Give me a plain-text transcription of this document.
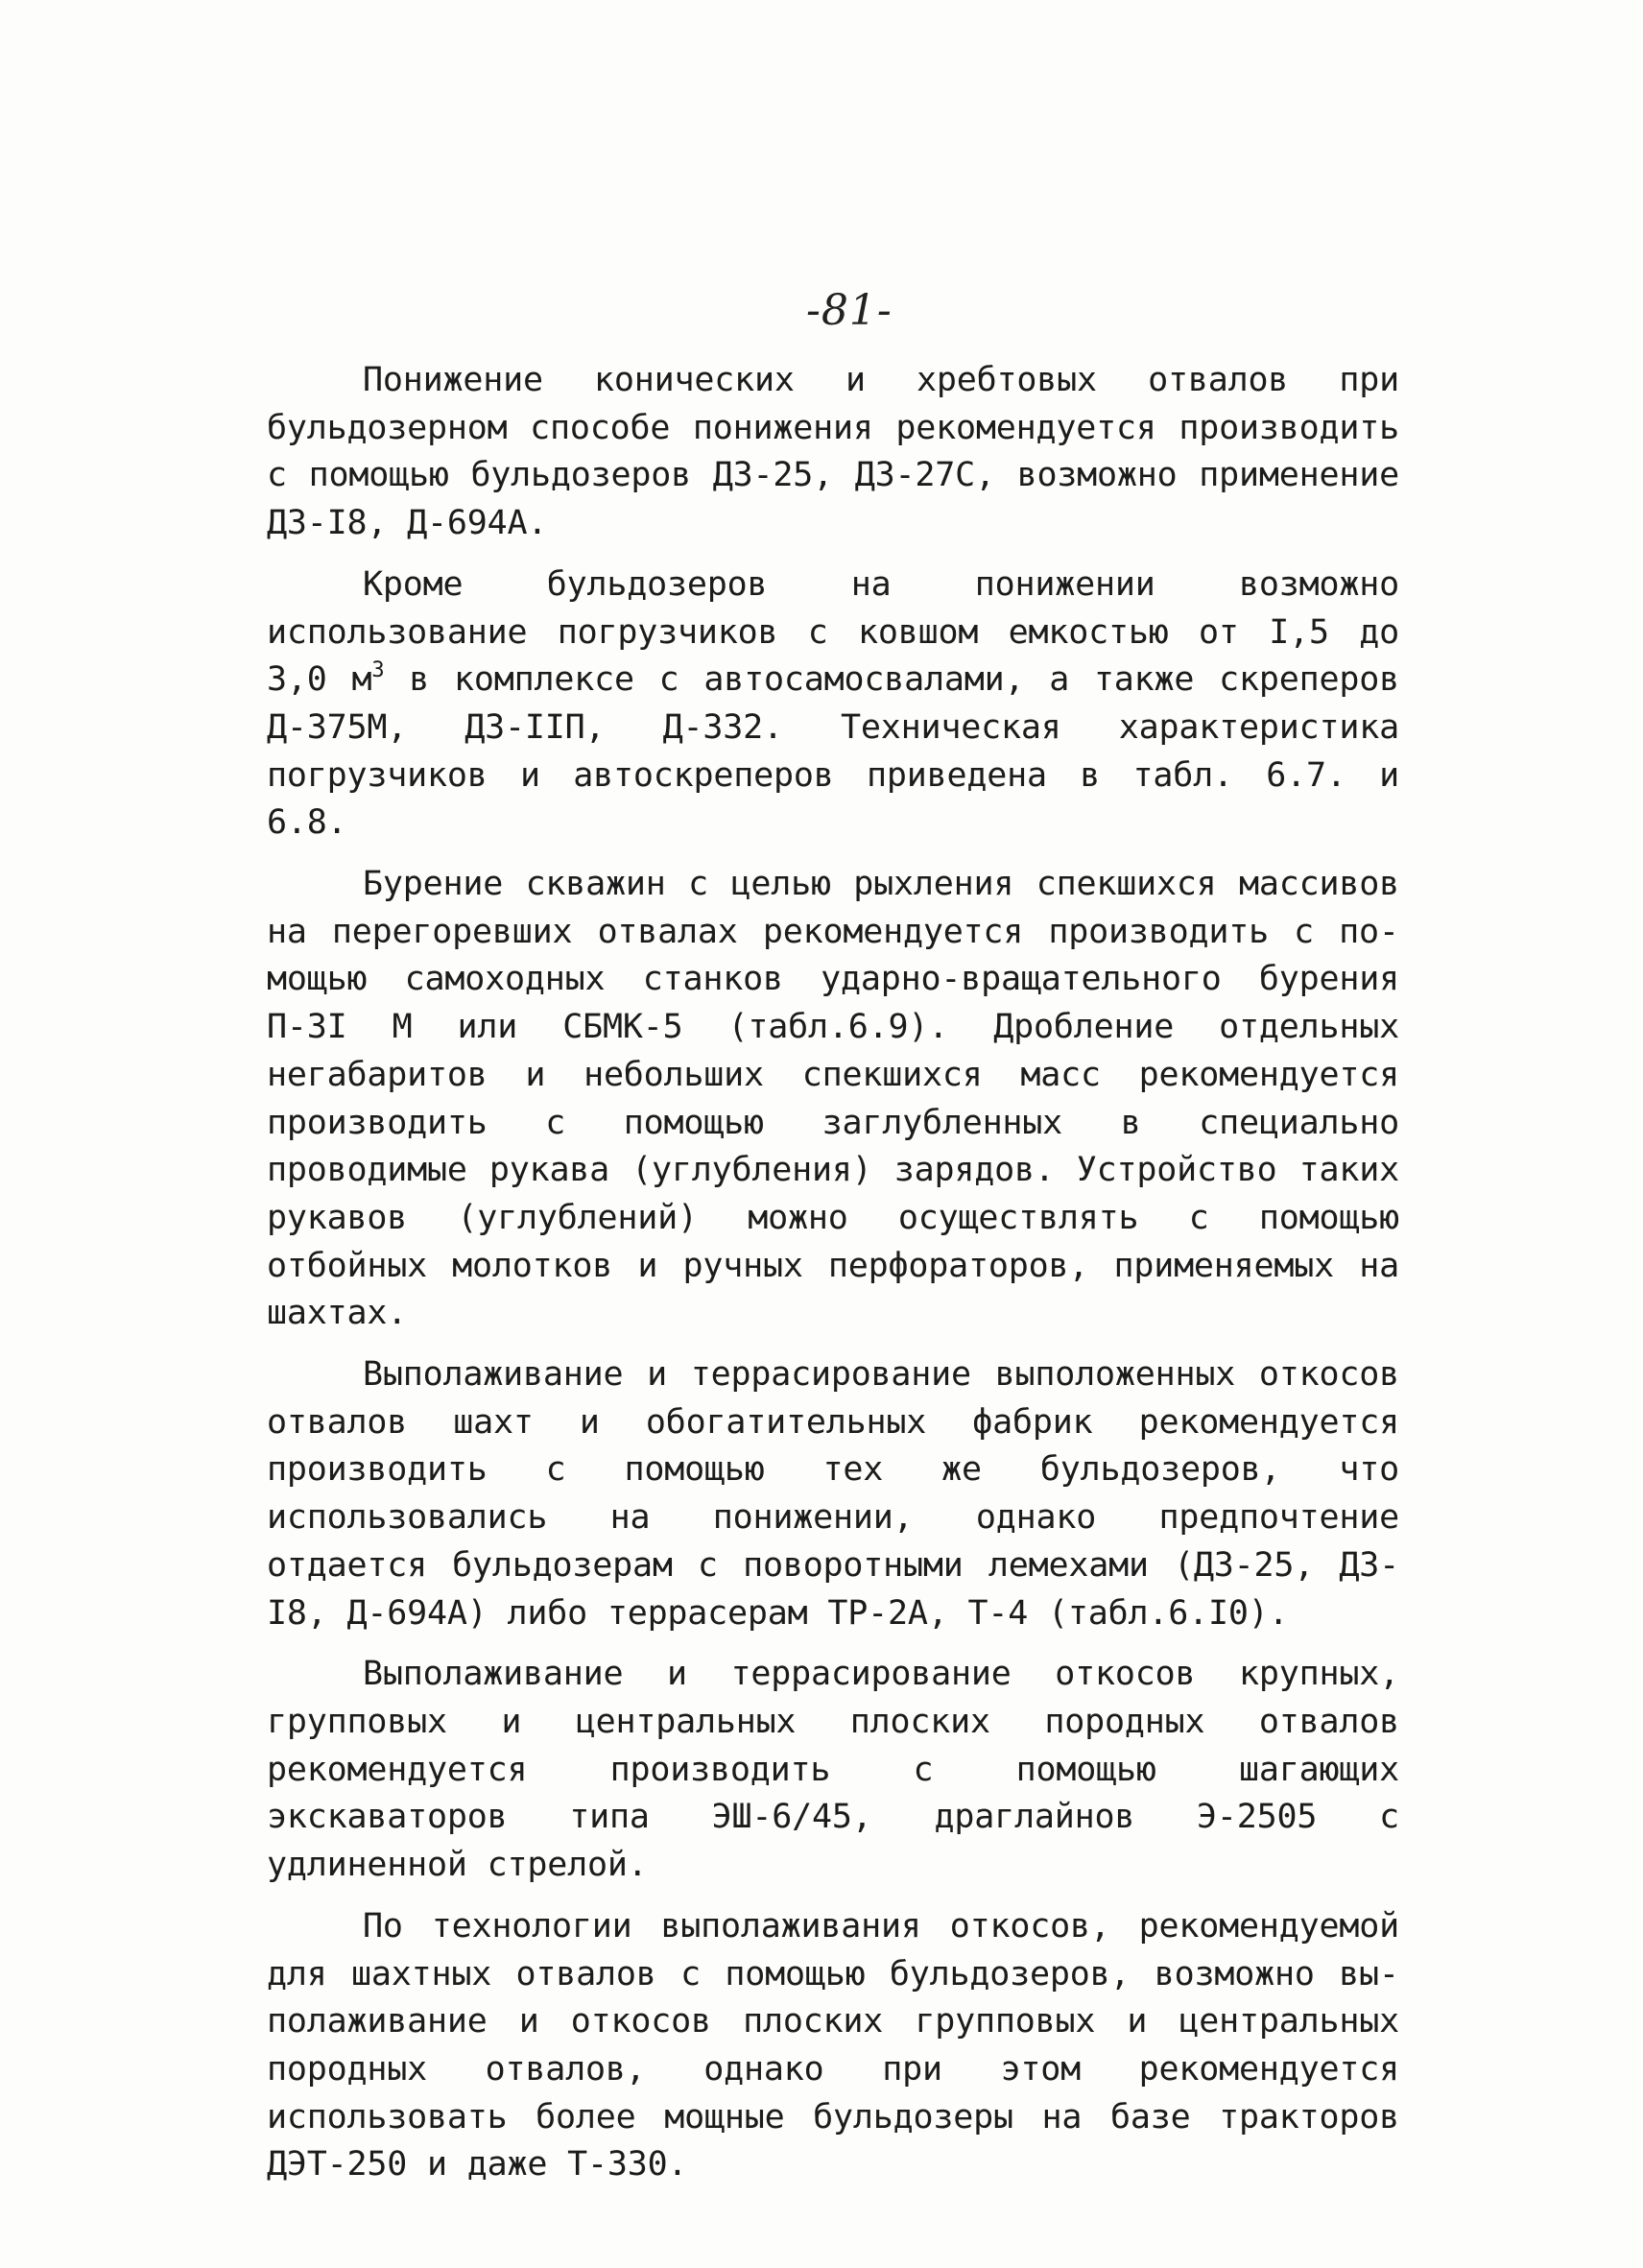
-81-

Понижение конических и хребтовых отвалов при бульдозерном способе понижения рекомендуется производить с помощью бульдозеров ДЗ-25, ДЗ-27С, возможно применение ДЗ-I8, Д-694А.

Кроме бульдозеров на понижении возможно использование погрузчиков с ковшом емкостью от I,5 до 3,0 $м^3$ в комплексе с автосамосвалами, а также скреперов Д-375М, ДЗ-IIП, Д-332. Техническая характеристика погрузчиков и автоскреперов приведена в табл. 6.7. и 6.8.

Бурение скважин с целью рыхления спекшихся массивов на перегоревших отвалах рекомендуется производить с помощью самоходных станков ударно-вращательного бурения П-3I М или СБМК-5 (табл.6.9). Дробление отдельных негабаритов и небольших спекшихся масс рекомендуется производить с помощью заглубленных в специально проводимые рукава (углубления) зарядов. Устройство таких рукавов (углублений) можно осуществлять с помощью отбойных молотков и ручных перфораторов, применяемых на шахтах.

Выполаживание и террасирование выположенных откосов отвалов шахт и обогатительных фабрик рекомендуется производить с помощью тех же бульдозеров, что использовались на понижении, однако предпочтение отдается бульдозерам с поворотными лемехами (ДЗ-25, ДЗ-I8, Д-694А) либо террасерам ТР-2А, Т-4 (табл.6.I0).

Выполаживание и террасирование откосов крупных, групповых и центральных плоских породных отвалов рекомендуется производить с помощью шагающих экскаваторов типа ЭШ-6/45, драглайнов Э-2505 с удлиненной стрелой.

По технологии выполаживания откосов, рекомендуемой для шахтных отвалов с помощью бульдозеров, возможно выполаживание и откосов плоских групповых и центральных породных отвалов, однако при этом рекомендуется использовать более мощные бульдозеры на базе тракторов ДЭТ-250 и даже Т-330.
